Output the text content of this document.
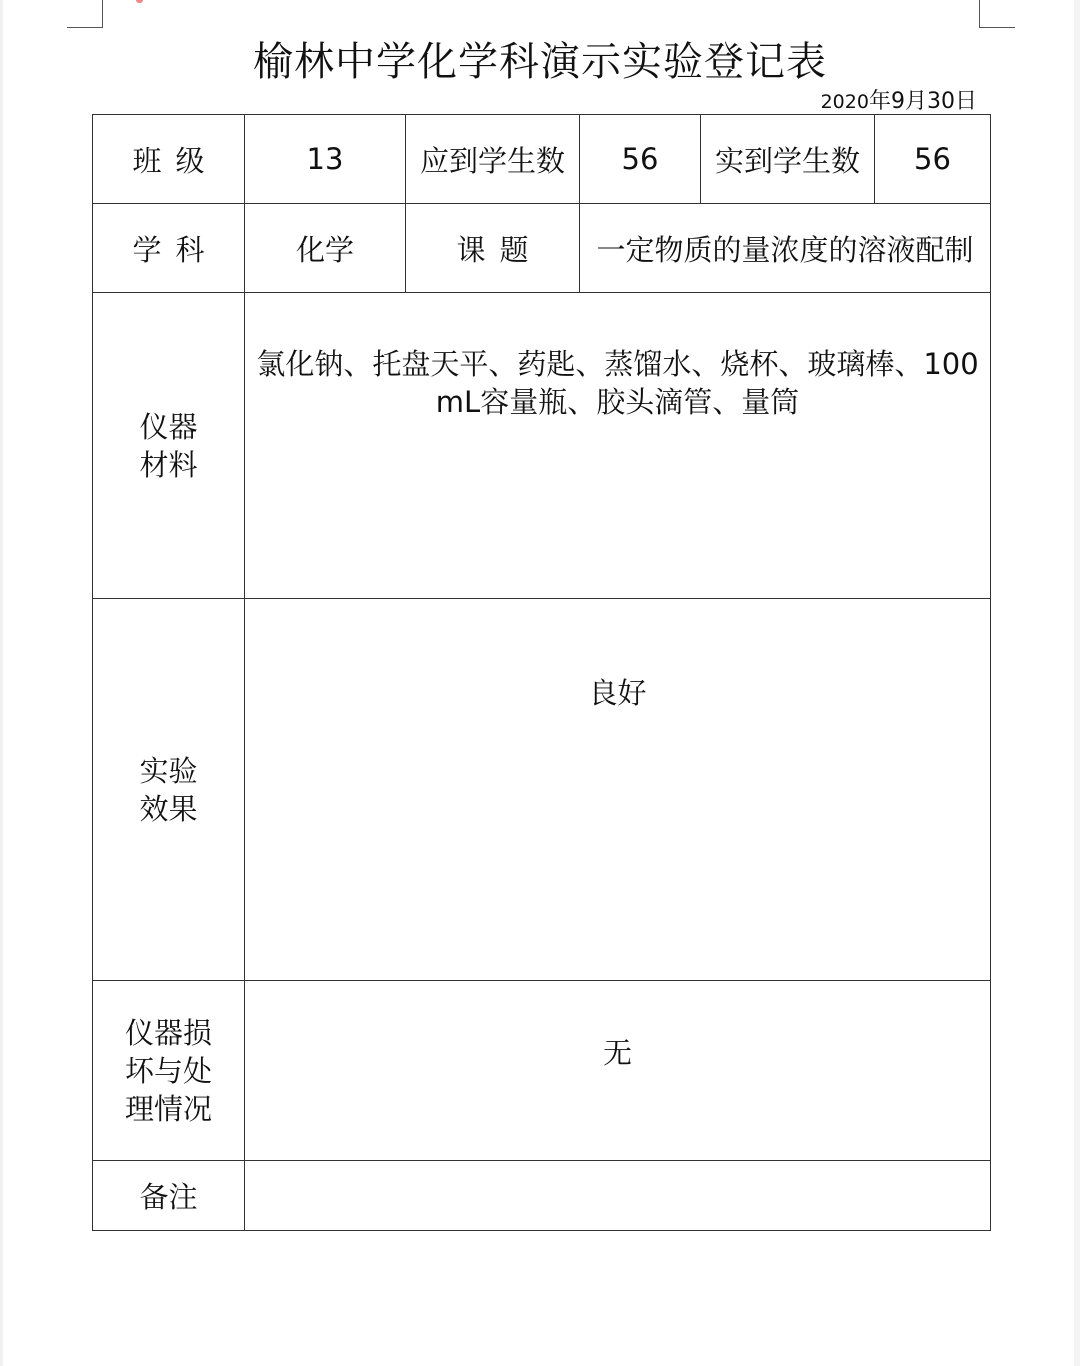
榆林中学化学科演示实验登记表
2020年9月30日
班级	13	应到学生数	56	实到学生数	56
学科	化学	课题	一定物质的量浓度的溶液配制		

仪器
材料	氯化钠、托盘天平、药匙、蒸馏水、烧杯、玻璃棒、100mL容量瓶、胶头滴管、量筒				

实验
效果	良好				

仪器损
坏与处
理情况	无				
备注					
